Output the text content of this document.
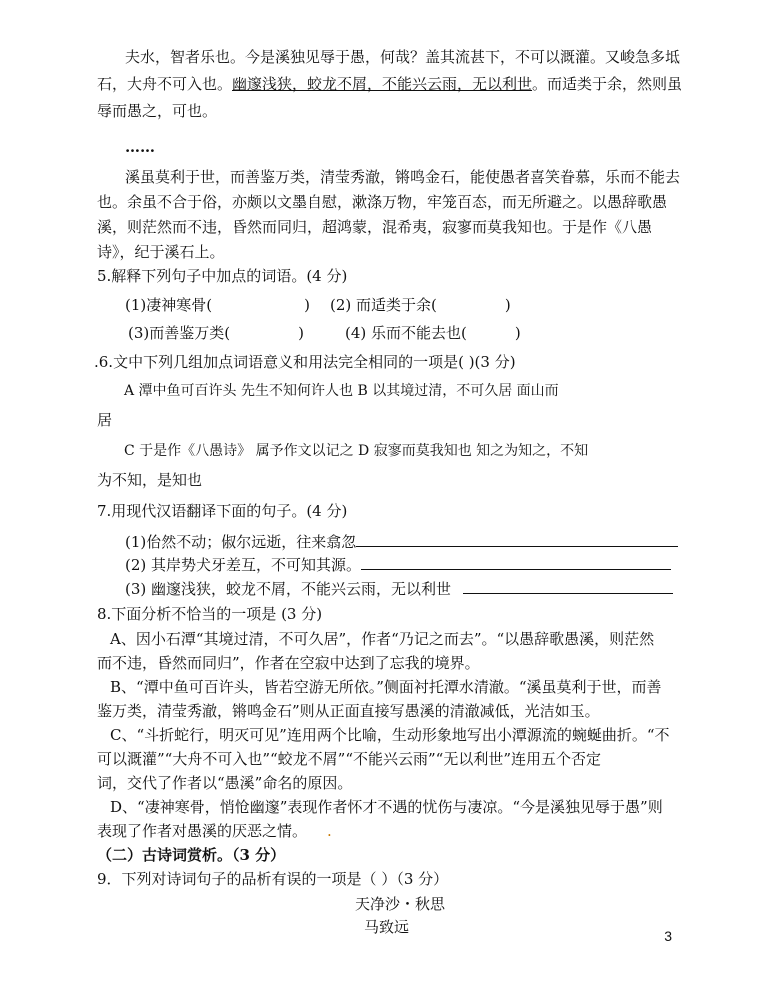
夫水，智者乐也。今是溪独见辱于愚，何哉？盖其流甚下，不可以溉灌。又峻急多坻
石，大舟不可入也。幽邃浅狭，蛟龙不屑，不能兴云雨，无以利世。而适类于余，然则虽
辱而愚之，可也。
……
溪虽莫利于世，而善鉴万类，清莹秀澈，锵鸣金石，能使愚者喜笑眷慕，乐而不能去
也。余虽不合于俗，亦颇以文墨自慰，漱涤万物，牢笼百态，而无所避之。以愚辞歌愚
溪，则茫然而不违，昏然而同归，超鸿蒙，混希夷，寂寥而莫我知也。于是作《八愚
诗》，纪于溪石上。
5.解释下列句子中加点的词语。(4 分)
(1)凄神寒骨(	) (2) 而适类于余(	)
(3)而善鉴万类(	)	(4) 乐而不能去也(	)
.6.文中下列几组加点词语意义和用法完全相同的一项是( )(3 分)
A 潭中鱼可百许头 先生不知何许人也 B 以其境过清，不可久居 面山而
居
C 于是作《八愚诗》 属予作文以记之 D 寂寥而莫我知也 知之为知之，不知
为不知，是知也
7.用现代汉语翻译下面的句子。(4 分)
(1)佁然不动；俶尔远逝，往来翕忽
(2) 其岸势犬牙差互，不可知其源。
(3) 幽邃浅狭，蛟龙不屑，不能兴云雨，无以利世
8.下面分析不恰当的一项是 (3 分)
A、因小石潭“其境过清，不可久居”，作者“乃记之而去”。“以愚辞歌愚溪，则茫然
而不违，昏然而同归”，作者在空寂中达到了忘我的境界。
B、“潭中鱼可百许头，皆若空游无所依。”侧面衬托潭水清澈。“溪虽莫利于世，而善
鉴万类，清莹秀澈，锵鸣金石”则从正面直接写愚溪的清澈减低，光洁如玉。
C、“斗折蛇行，明灭可见”连用两个比喻，生动形象地写出小潭源流的蜿蜒曲折。“不
可以溉灌”“大舟不可入也”“蛟龙不屑”“不能兴云雨”“无以利世”连用五个否定
词，交代了作者以“愚溪”命名的原因。
D、“凄神寒骨，悄怆幽邃”表现作者怀才不遇的忧伤与凄凉。“今是溪独见辱于愚”则
表现了作者对愚溪的厌恶之情。 .
（二）古诗词赏析。（3 分）
9．下列对诗词句子的品析有误的一项是（ ）（3 分）
天净沙・秋思
马致远	3
